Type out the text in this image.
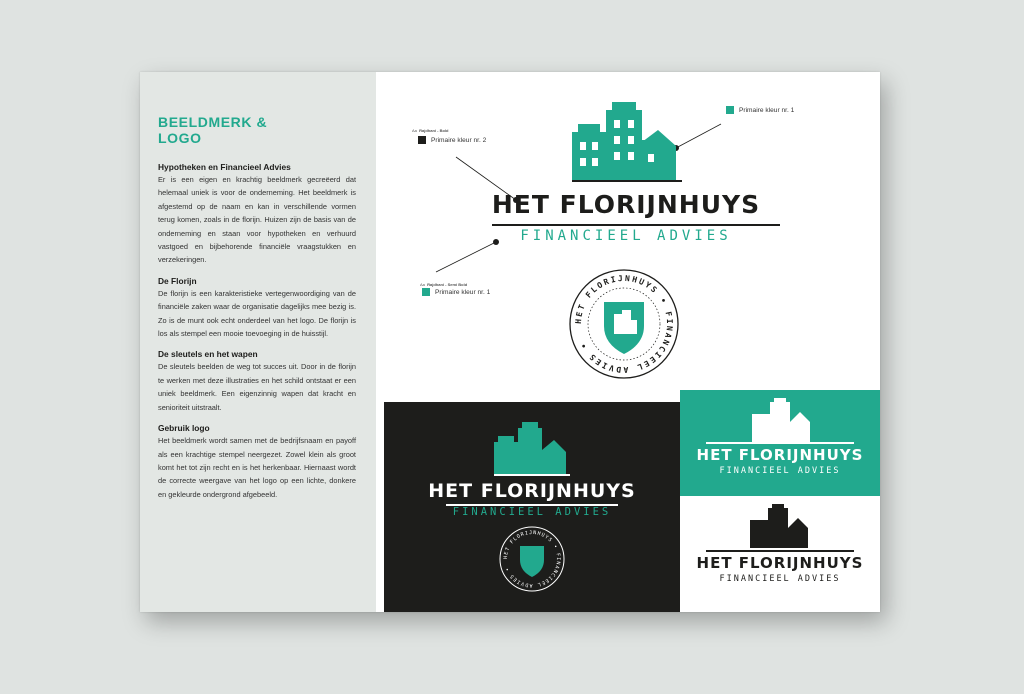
BEELDMERK &
LOGO
Hypotheken en Financieel Advies
Er is een eigen en krachtig beeldmerk gecreëerd dat helemaal uniek is voor de onderneming. Het beeldmerk is afgestemd op de naam en kan in verschillende vormen terug komen, zoals in de florijn. Huizen zijn de basis van de onderneming en staan voor hypotheken en verhuurd vastgoed en bijbehorende financiële vraagstukken en verzekeringen.
De Florijn
De florijn is een karakteristieke vertegenwoordiging van de financiële zaken waar de organisatie dagelijks mee bezig is. Zo is de munt ook echt onderdeel van het logo. De florijn is los als stempel een mooie toevoeging in de huisstijl.
De sleutels en het wapen
De sleutels beelden de weg tot succes uit. Door in de florijn te werken met deze illustraties en het schild ontstaat er een uniek beeldmerk. Een eigenzinnig wapen dat kracht en senioriteit uitstraalt.
Gebruik logo
Het beeldmerk wordt samen met de bedrijfsnaam en payoff als een krachtige stempel neergezet. Zowel klein als groot komt het tot zijn recht en is het herkenbaar. Hiernaast wordt de correcte weergave van het logo op een lichte, donkere en gekleurde ondergrond afgebeeld.
Aa Rajdhani - Bold
Primaire kleur nr. 2
Primaire kleur nr. 1
Aa Rajdhani - Semi Bold
Primaire kleur nr. 1
HET FLORIJNHUYS
FINANCIEEL ADVIES
HET FLORIJNHUYS • FINANCIEEL ADVIES •
HET FLORIJNHUYS
FINANCIEEL ADVIES
HET FLORIJNHUYS • FINANCIEEL ADVIES •
HET FLORIJNHUYS
FINANCIEEL ADVIES
HET FLORIJNHUYS
FINANCIEEL ADVIES
